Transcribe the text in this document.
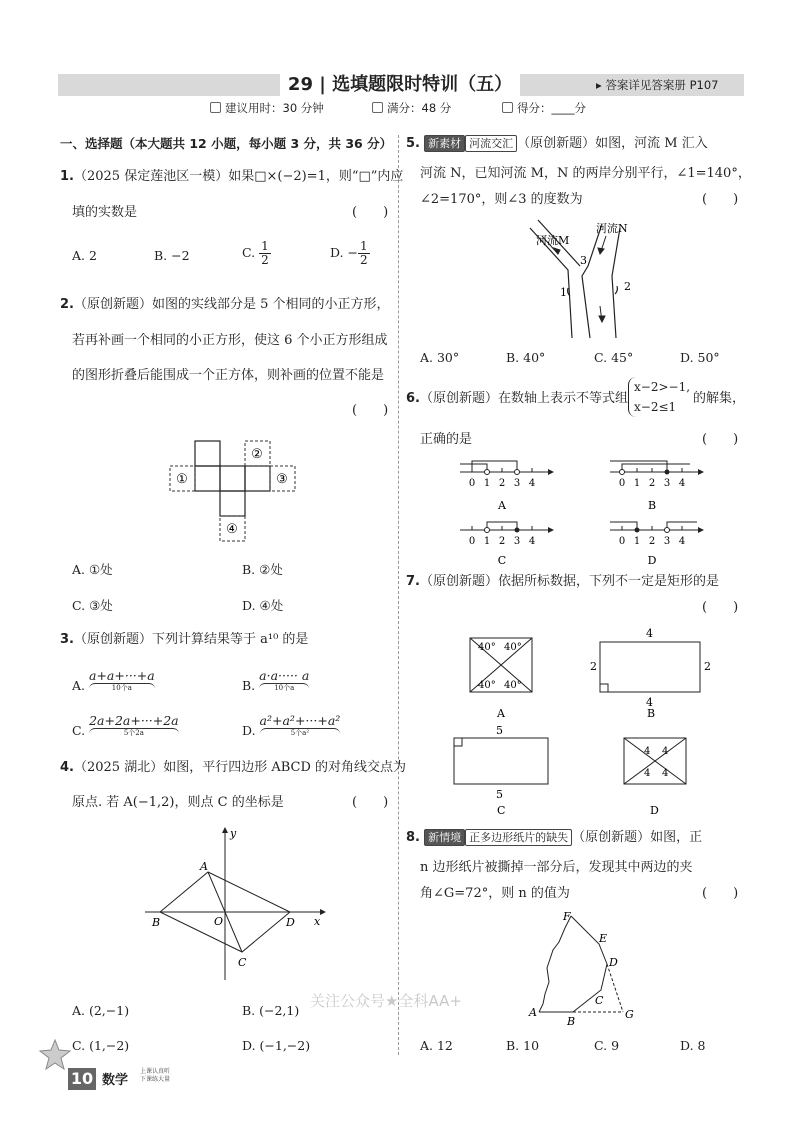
29 | 选填题限时特训（五）	▸ 答案详见答案册 P107
建议用时：30 分钟	满分：48 分	得分：____分
一、选择题（本大题共 12 小题，每小题 3 分，共 36 分）
1.（2025 保定莲池区一模）如果□×(−2)=1，则“□”内应
填的实数是	(　　)
A. 2	B. −2	C. $\frac{1}{2}$	D. − $\frac{1}{2}$
2.（原创新题）如图的实线部分是 5 个相同的小正方形，
若再补画一个相同的小正方形，使这 6 个小正方形组成
的图形折叠后能围成一个正方体，则补画的位置不能是
(　　)
①
②
③
④
A. ①处	B. ②处
C. ③处	D. ④处
3.（原创新题）下列计算结果等于 a¹⁰ 的是
A. a+a+···+a
10个a	B. a·a····· a
10个a
C. 2a+2a+···+2a
5个2a	D. a²+a²+···+a²
5个a²
4.（2025 湖北）如图，平行四边形 ABCD 的对角线交点为
原点. 若 A(−1,2)，则点 C 的坐标是	(　　)
x
y
A
B
C
D
O
A. (2,−1)	B. (−2,1)
C. (1,−2)	D. (−1,−2)
5. 新素材 河流交汇 （原创新题）如图，河流 M 汇入
河流 N，已知河流 M，N 的两岸分别平行，∠1=140°，
∠2=170°，则∠3 的度数为	(　　)
河流M
河流N
1	2
3
A. 30°	B. 40°	C. 45°	D. 50°
6.（原创新题）在数轴上表示不等式组
x−2>−1,
x−2≤1
的解集，
正确的是	(　　)
0 1 2 3 4	0 1 2 3 4
0 1 2 3 4	0 1 2 3 4
A	B
C	D
7.（原创新题）依据所标数据，下列不一定是矩形的是
(　　)
40° 40°
40° 40°
A
4
4
2	2
B
5
5
C
4 4
4 4
D
8. 新情境 正多边形纸片的缺失 （原创新题）如图，正
n 边形纸片被撕掉一部分后，发现其中两边的夹
角∠G=72°，则 n 的值为	(　　)
F
E
D
C
B
A	G
A. 12	B. 10	C. 9	D. 8
关注公众号★全科AA+
10 数学
上课认真听
下课练大量
